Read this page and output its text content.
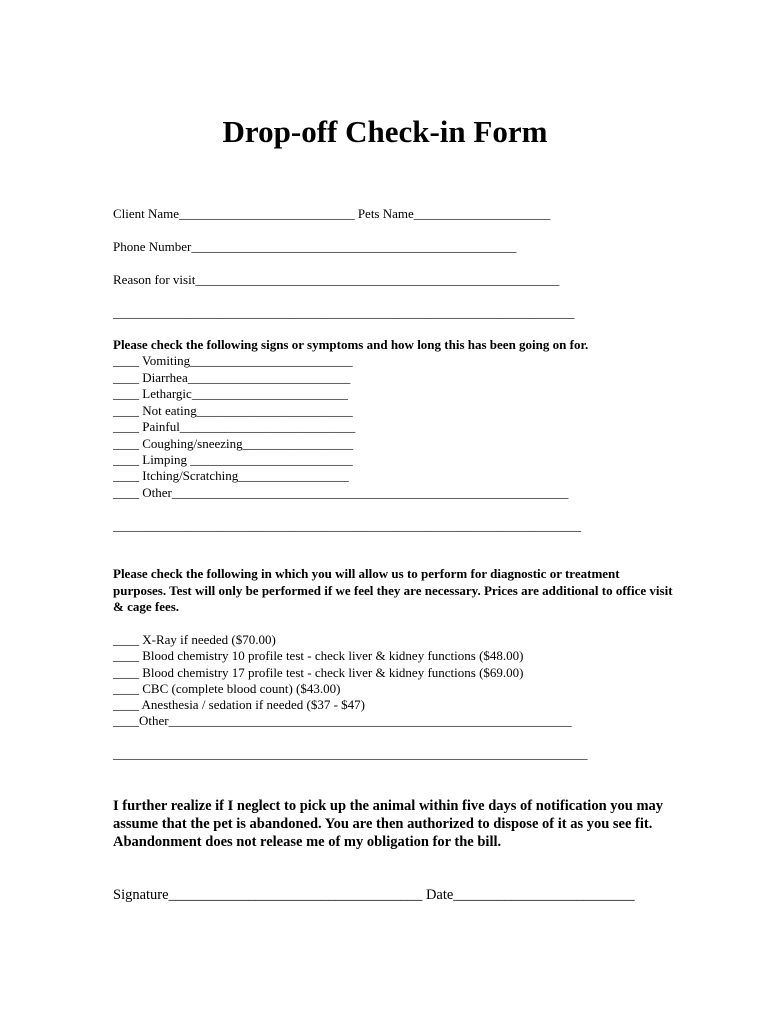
Drop-off Check-in Form
Client Name___________________________ Pets Name_____________________
Phone Number__________________________________________________
Reason for visit________________________________________________________
_______________________________________________________________________
Please check the following signs or symptoms and how long this has been going on for.
____ Vomiting_________________________
____ Diarrhea_________________________
____ Lethargic________________________
____ Not eating________________________
____ Painful___________________________
____ Coughing/sneezing_________________
____ Limping _________________________
____ Itching/Scratching_________________
____ Other_____________________________________________________________
________________________________________________________________________
Please check the following in which you will allow us to perform for diagnostic or treatment purposes. Test will only be performed if we feel they are necessary. Prices are additional to office visit & cage fees.
____ X-Ray if needed ($70.00)
____ Blood chemistry 10 profile test - check liver & kidney functions ($48.00)
____ Blood chemistry 17 profile test - check liver & kidney functions ($69.00)
____ CBC (complete blood count) ($43.00)
____ Anesthesia / sedation if needed ($37 - $47)
____Other______________________________________________________________
_________________________________________________________________________
I further realize if I neglect to pick up the animal within five days of notification you may assume that the pet is abandoned. You are then authorized to dispose of it as you see fit. Abandonment does not release me of my obligation for the bill.
Signature___________________________________ Date_________________________
